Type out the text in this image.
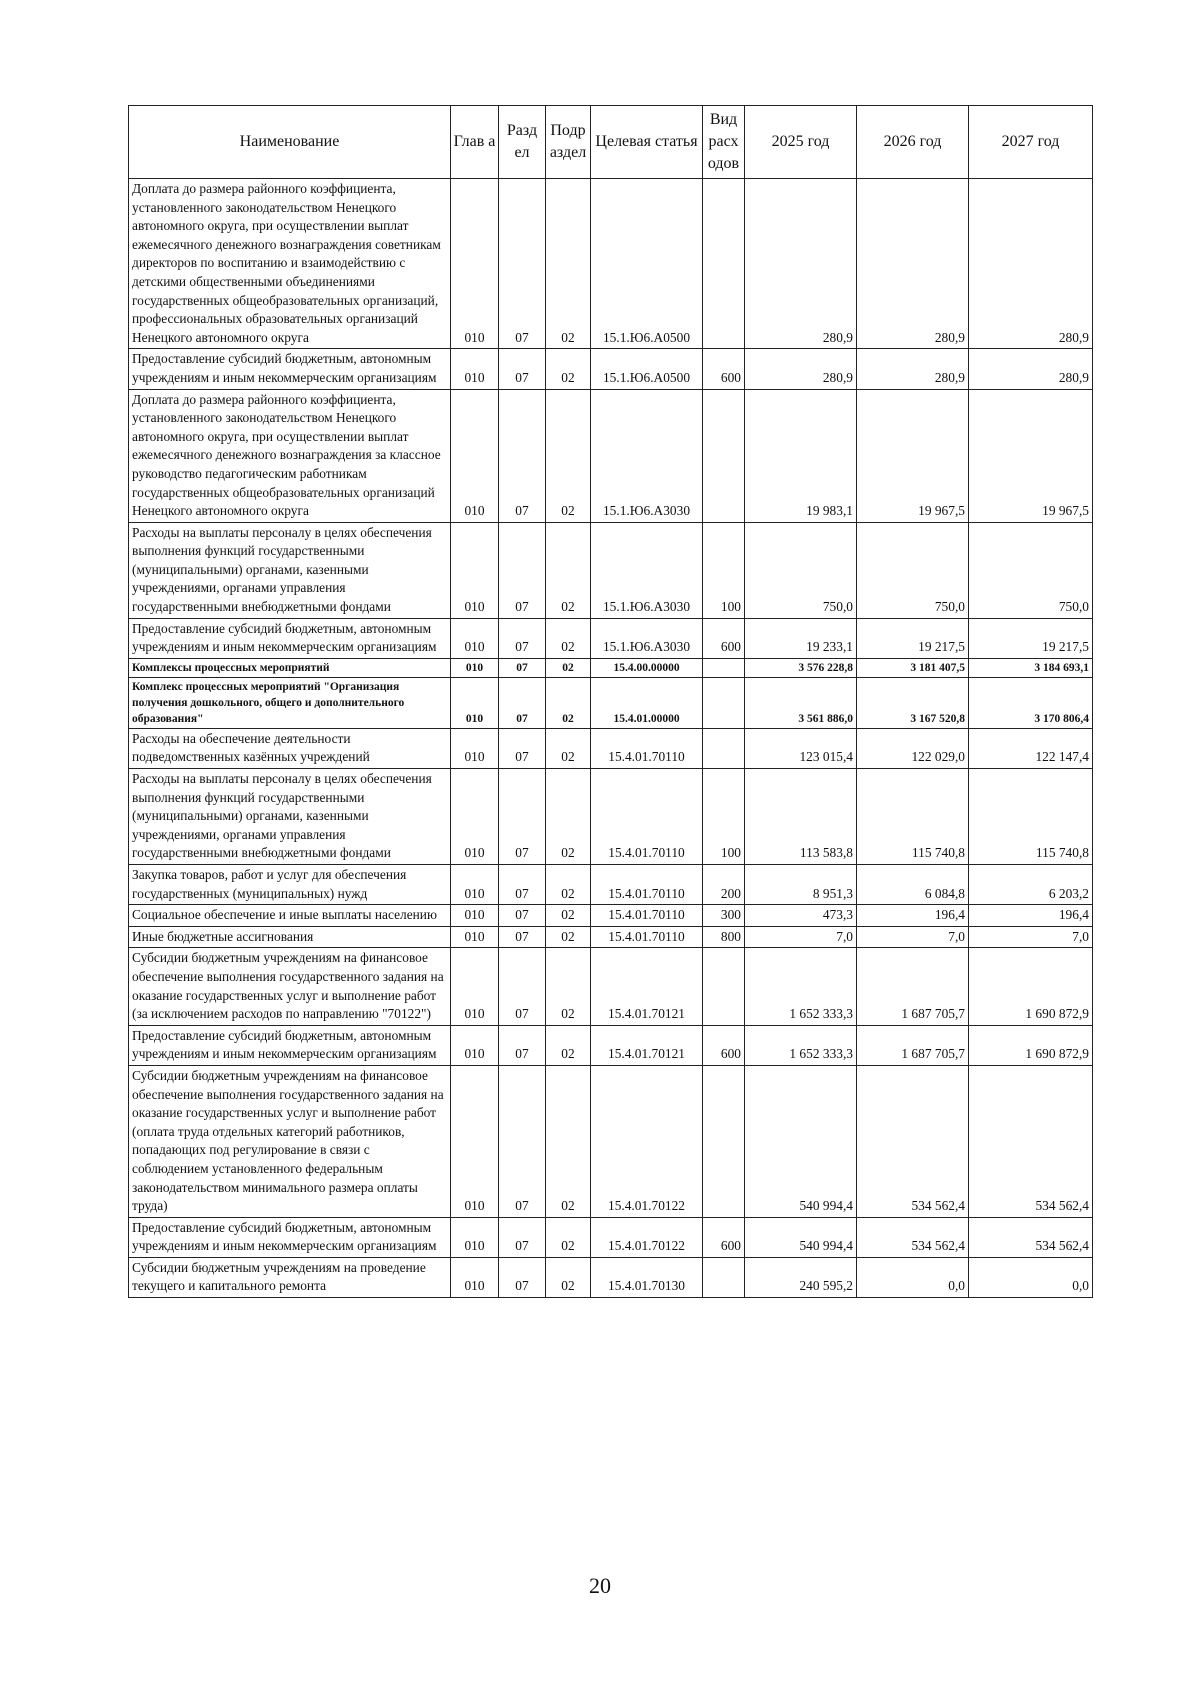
Наименование	Глав а	Разд ел	Подр аздел	Целевая статья	Вид расх одов	2025 год	2026 год	2027 год
Доплата до размера районного коэффициента, установленного законодательством Ненецкого автономного округа, при осуществлении выплат ежемесячного денежного вознаграждения советникам директоров по воспитанию и взаимодействию с детскими общественными объединениями государственных общеобразовательных организаций, профессиональных образовательных организаций Ненецкого автономного округа	010	07	02	15.1.Ю6.А0500		280,9	280,9	280,9
Предоставление субсидий бюджетным, автономным учреждениям и иным некоммерческим организациям	010	07	02	15.1.Ю6.А0500	600	280,9	280,9	280,9
Доплата до размера районного коэффициента, установленного законодательством Ненецкого автономного округа, при осуществлении выплат ежемесячного денежного вознаграждения за классное руководство педагогическим работникам государственных общеобразовательных организаций Ненецкого автономного округа	010	07	02	15.1.Ю6.А3030		19 983,1	19 967,5	19 967,5
Расходы на выплаты персоналу в целях обеспечения выполнения функций государственными (муниципальными) органами, казенными учреждениями, органами управления государственными внебюджетными фондами	010	07	02	15.1.Ю6.А3030	100	750,0	750,0	750,0
Предоставление субсидий бюджетным, автономным учреждениям и иным некоммерческим организациям	010	07	02	15.1.Ю6.А3030	600	19 233,1	19 217,5	19 217,5
Комплексы процессных мероприятий	010	07	02	15.4.00.00000		3 576 228,8	3 181 407,5	3 184 693,1
Комплекс процессных мероприятий "Организация получения дошкольного, общего и дополнительного образования"	010	07	02	15.4.01.00000		3 561 886,0	3 167 520,8	3 170 806,4
Расходы на обеспечение деятельности подведомственных казённых учреждений	010	07	02	15.4.01.70110		123 015,4	122 029,0	122 147,4
Расходы на выплаты персоналу в целях обеспечения выполнения функций государственными (муниципальными) органами, казенными учреждениями, органами управления государственными внебюджетными фондами	010	07	02	15.4.01.70110	100	113 583,8	115 740,8	115 740,8
Закупка товаров, работ и услуг для обеспечения государственных (муниципальных) нужд	010	07	02	15.4.01.70110	200	8 951,3	6 084,8	6 203,2
Социальное обеспечение и иные выплаты населению	010	07	02	15.4.01.70110	300	473,3	196,4	196,4
Иные бюджетные ассигнования	010	07	02	15.4.01.70110	800	7,0	7,0	7,0
Субсидии бюджетным учреждениям на финансовое обеспечение выполнения государственного задания на оказание государственных услуг и выполнение работ (за исключением расходов по направлению "70122")	010	07	02	15.4.01.70121		1 652 333,3	1 687 705,7	1 690 872,9
Предоставление субсидий бюджетным, автономным учреждениям и иным некоммерческим организациям	010	07	02	15.4.01.70121	600	1 652 333,3	1 687 705,7	1 690 872,9
Субсидии бюджетным учреждениям на финансовое обеспечение выполнения государственного задания на оказание государственных услуг и выполнение работ (оплата труда отдельных категорий работников, попадающих под регулирование в связи с соблюдением установленного федеральным законодательством минимального размера оплаты труда)	010	07	02	15.4.01.70122		540 994,4	534 562,4	534 562,4
Предоставление субсидий бюджетным, автономным учреждениям и иным некоммерческим организациям	010	07	02	15.4.01.70122	600	540 994,4	534 562,4	534 562,4
Субсидии бюджетным учреждениям на проведение текущего и капитального ремонта	010	07	02	15.4.01.70130		240 595,2	0,0	0,0
20
